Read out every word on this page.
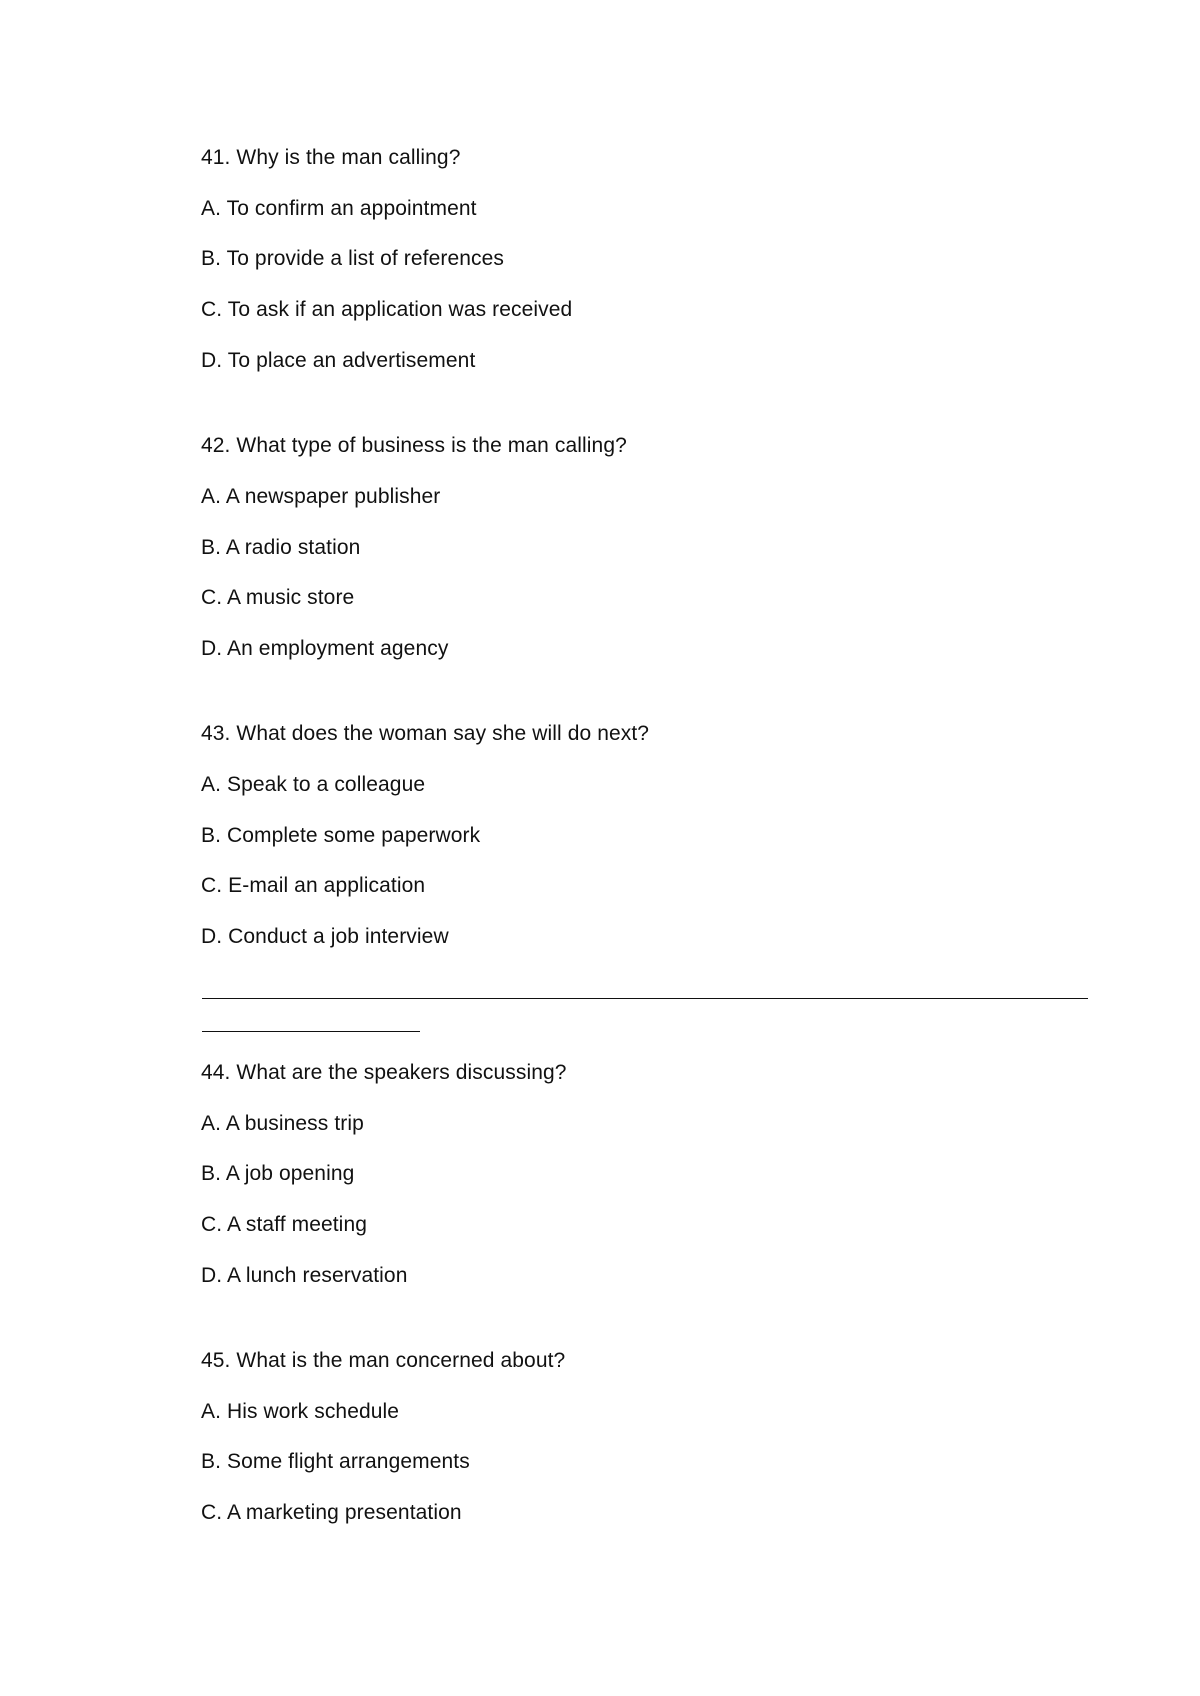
41. Why is the man calling?
A. To confirm an appointment
B. To provide a list of references
C. To ask if an application was received
D. To place an advertisement
42. What type of business is the man calling?
A. A newspaper publisher
B. A radio station
C. A music store
D. An employment agency
43. What does the woman say she will do next?
A. Speak to a colleague
B. Complete some paperwork
C. E-mail an application
D. Conduct a job interview
44. What are the speakers discussing?
A. A business trip
B. A job opening
C. A staff meeting
D. A lunch reservation
45. What is the man concerned about?
A. His work schedule
B. Some flight arrangements
C. A marketing presentation
